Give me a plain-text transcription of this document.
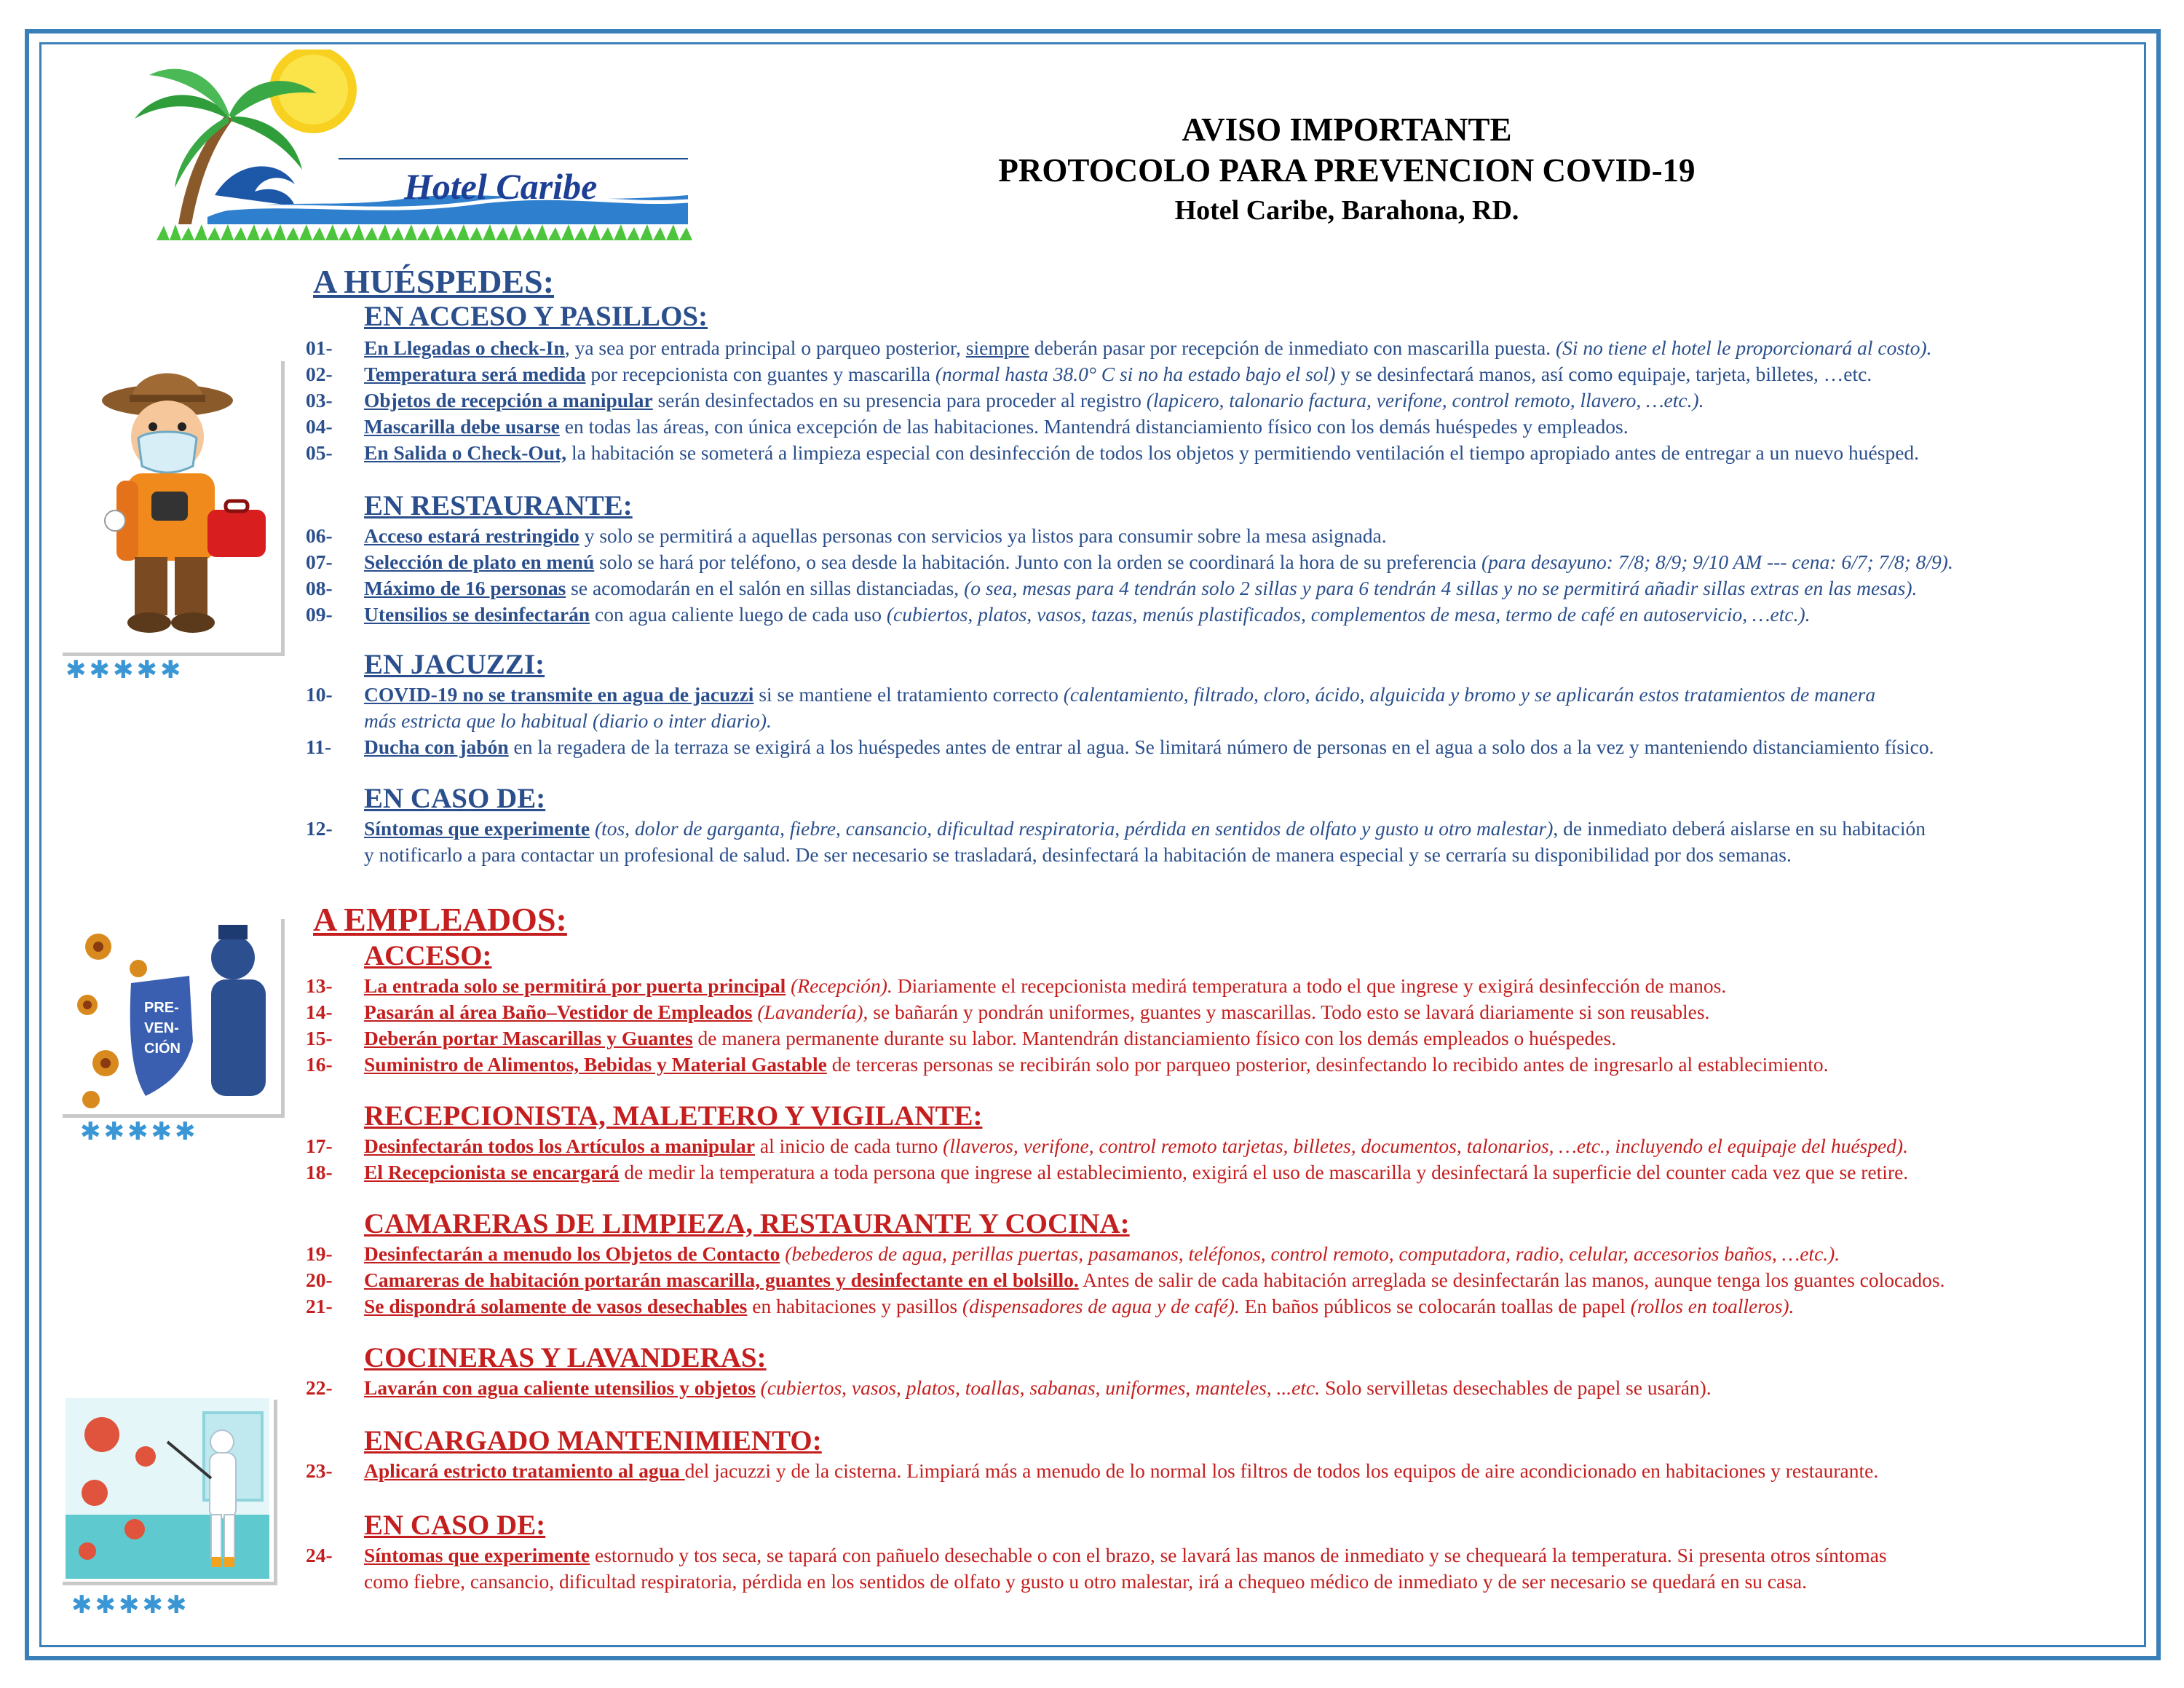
Hotel Caribe
AVISO IMPORTANTE
PROTOCOLO PARA PREVENCION COVID-19
Hotel Caribe, Barahona, RD.
✱✱✱✱✱
PRE-
VEN-
CIÓN
✱✱✱✱✱
✱✱✱✱✱
A HUÉSPEDES:
EN ACCESO Y PASILLOS:
01-	En Llegadas o check-In, ya sea por entrada principal o parqueo posterior, siempre deberán pasar por recepción de inmediato con mascarilla puesta. (Si no tiene el hotel le proporcionará al costo).
02-	Temperatura será medida por recepcionista con guantes y mascarilla (normal hasta 38.0° C si no ha estado bajo el sol) y se desinfectará manos, así como equipaje, tarjeta, billetes, …etc.
03-	Objetos de recepción a manipular serán desinfectados en su presencia para proceder al registro (lapicero, talonario factura, verifone, control remoto, llavero, …etc.).
04-	Mascarilla debe usarse en todas las áreas, con única excepción de las habitaciones. Mantendrá distanciamiento físico con los demás huéspedes y empleados.
05-	En Salida o Check-Out, la habitación se someterá a limpieza especial con desinfección de todos los objetos y permitiendo ventilación el tiempo apropiado antes de entregar a un nuevo huésped.
EN RESTAURANTE:
06-	Acceso estará restringido y solo se permitirá a aquellas personas con servicios ya listos para consumir sobre la mesa asignada.
07-	Selección de plato en menú solo se hará por teléfono, o sea desde la habitación. Junto con la orden se coordinará la hora de su preferencia (para desayuno: 7/8; 8/9; 9/10 AM --- cena: 6/7; 7/8; 8/9).
08-	Máximo de 16 personas se acomodarán en el salón en sillas distanciadas, (o sea, mesas para 4 tendrán solo 2 sillas y para 6 tendrán 4 sillas y no se permitirá añadir sillas extras en las mesas).
09-	Utensilios se desinfectarán con agua caliente luego de cada uso (cubiertos, platos, vasos, tazas, menús plastificados, complementos de mesa, termo de café en autoservicio, …etc.).
EN JACUZZI:
10-	COVID-19 no se transmite en agua de jacuzzi si se mantiene el tratamiento correcto (calentamiento, filtrado, cloro, ácido, alguicida y bromo y se aplicarán estos tratamientos de manera
más estricta que lo habitual (diario o inter diario).
11-	Ducha con jabón en la regadera de la terraza se exigirá a los huéspedes antes de entrar al agua. Se limitará número de personas en el agua a solo dos a la vez y manteniendo distanciamiento físico.
EN CASO DE:
12-	Síntomas que experimente (tos, dolor de garganta, fiebre, cansancio, dificultad respiratoria, pérdida en sentidos de olfato y gusto u otro malestar), de inmediato deberá aislarse en su habitación
y notificarlo a para contactar un profesional de salud. De ser necesario se trasladará, desinfectará la habitación de manera especial y se cerraría su disponibilidad por dos semanas.
A EMPLEADOS:
ACCESO:
13-	La entrada solo se permitirá por puerta principal (Recepción). Diariamente el recepcionista medirá temperatura a todo el que ingrese y exigirá desinfección de manos.
14-	Pasarán al área Baño–Vestidor de Empleados (Lavandería), se bañarán y pondrán uniformes, guantes y mascarillas. Todo esto se lavará diariamente si son reusables.
15-	Deberán portar Mascarillas y Guantes de manera permanente durante su labor. Mantendrán distanciamiento físico con los demás empleados o huéspedes.
16-	Suministro de Alimentos, Bebidas y Material Gastable de terceras personas se recibirán solo por parqueo posterior, desinfectando lo recibido antes de ingresarlo al establecimiento.
RECEPCIONISTA, MALETERO Y VIGILANTE:
17-	Desinfectarán todos los Artículos a manipular al inicio de cada turno (llaveros, verifone, control remoto tarjetas, billetes, documentos, talonarios, …etc., incluyendo el equipaje del huésped).
18-	El Recepcionista se encargará de medir la temperatura a toda persona que ingrese al establecimiento, exigirá el uso de mascarilla y desinfectará la superficie del counter cada vez que se retire.
CAMARERAS DE LIMPIEZA, RESTAURANTE Y COCINA:
19-	Desinfectarán a menudo los Objetos de Contacto (bebederos de agua, perillas puertas, pasamanos, teléfonos, control remoto, computadora, radio, celular, accesorios baños, …etc.).
20-	Camareras de habitación portarán mascarilla, guantes y desinfectante en el bolsillo. Antes de salir de cada habitación arreglada se desinfectarán las manos, aunque tenga los guantes colocados.
21-	Se dispondrá solamente de vasos desechables en habitaciones y pasillos (dispensadores de agua y de café). En baños públicos se colocarán toallas de papel (rollos en toalleros).
COCINERAS Y LAVANDERAS:
22-	Lavarán con agua caliente utensilios y objetos (cubiertos, vasos, platos, toallas, sabanas, uniformes, manteles, ...etc. Solo servilletas desechables de papel se usarán).
ENCARGADO MANTENIMIENTO:
23-	Aplicará estricto tratamiento al agua del jacuzzi y de la cisterna. Limpiará más a menudo de lo normal los filtros de todos los equipos de aire acondicionado en habitaciones y restaurante.
EN CASO DE:
24-	Síntomas que experimente estornudo y tos seca, se tapará con pañuelo desechable o con el brazo, se lavará las manos de inmediato y se chequeará la temperatura. Si presenta otros síntomas
como fiebre, cansancio, dificultad respiratoria, pérdida en los sentidos de olfato y gusto u otro malestar, irá a chequeo médico de inmediato y de ser necesario se quedará en su casa.
